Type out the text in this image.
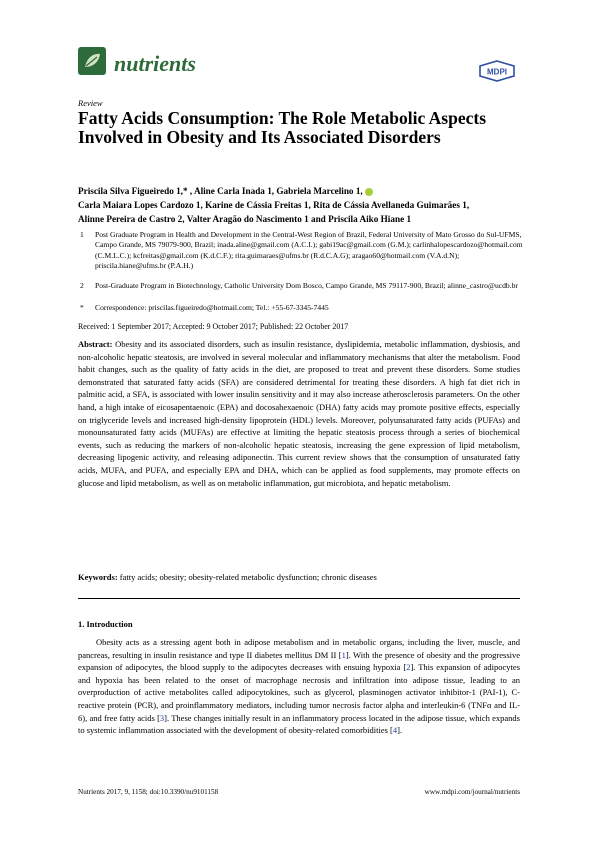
nutrients	MDPI
Review
Fatty Acids Consumption: The Role Metabolic Aspects Involved in Obesity and Its Associated Disorders
Priscila Silva Figueiredo 1,* , Aline Carla Inada 1, Gabriela Marcelino 1,
Carla Maiara Lopes Cardozo 1, Karine de Cássia Freitas 1, Rita de Cássia Avellaneda Guimarães 1,
Alinne Pereira de Castro 2, Valter Aragão do Nascimento 1 and Priscila Aiko Hiane 1
1 Post Graduate Program in Health and Development in the Central-West Region of Brazil, Federal University of Mato Grosso do Sul-UFMS, Campo Grande, MS 79079-900, Brazil; inada.aline@gmail.com (A.C.I.); gabi19ac@gmail.com (G.M.); carlinhalopescardozo@hotmail.com (C.M.L.C.); kcfreitas@gmail.com (K.d.C.F.); rita.guimaraes@ufms.br (R.d.C.A.G); aragao60@hotmail.com (V.A.d.N); priscila.hiane@ufms.br (P.A.H.)
2 Post-Graduate Program in Biotechnology, Catholic University Dom Bosco, Campo Grande, MS 79117-900, Brazil; alinne_castro@ucdb.br
* Correspondence: priscilas.figueiredo@hotmail.com; Tel.: +55-67-3345-7445
Received: 1 September 2017; Accepted: 9 October 2017; Published: 22 October 2017
Abstract: Obesity and its associated disorders, such as insulin resistance, dyslipidemia, metabolic inflammation, dysbiosis, and non-alcoholic hepatic steatosis, are involved in several molecular and inflammatory mechanisms that alter the metabolism. Food habit changes, such as the quality of fatty acids in the diet, are proposed to treat and prevent these disorders. Some studies demonstrated that saturated fatty acids (SFA) are considered detrimental for treating these disorders. A high fat diet rich in palmitic acid, a SFA, is associated with lower insulin sensitivity and it may also increase atherosclerosis parameters. On the other hand, a high intake of eicosapentaenoic (EPA) and docosahexaenoic (DHA) fatty acids may promote positive effects, especially on triglyceride levels and increased high-density lipoprotein (HDL) levels. Moreover, polyunsaturated fatty acids (PUFAs) and monounsaturated fatty acids (MUFAs) are effective at limiting the hepatic steatosis process through a series of biochemical events, such as reducing the markers of non-alcoholic hepatic steatosis, increasing the gene expression of lipid metabolism, decreasing lipogenic activity, and releasing adiponectin. This current review shows that the consumption of unsaturated fatty acids, MUFA, and PUFA, and especially EPA and DHA, which can be applied as food supplements, may promote effects on glucose and lipid metabolism, as well as on metabolic inflammation, gut microbiota, and hepatic metabolism.
Keywords: fatty acids; obesity; obesity-related metabolic dysfunction; chronic diseases
1. Introduction
Obesity acts as a stressing agent both in adipose metabolism and in metabolic organs, including the liver, muscle, and pancreas, resulting in insulin resistance and type II diabetes mellitus DM II [1]. With the presence of obesity and the progressive expansion of adipocytes, the blood supply to the adipocytes decreases with ensuing hypoxia [2]. This expansion of adipocytes and hypoxia has been related to the onset of macrophage necrosis and infiltration into adipose tissue, leading to an overproduction of active metabolites called adipocytokines, such as glycerol, plasminogen activator inhibitor-1 (PAI-1), C-reactive protein (PCR), and proinflammatory mediators, including tumor necrosis factor alpha and interleukin-6 (TNFα and IL-6), and free fatty acids [3]. These changes initially result in an inflammatory process located in the adipose tissue, which expands to systemic inflammation associated with the development of obesity-related comorbidities [4].
Nutrients 2017, 9, 1158; doi:10.3390/nu9101158	www.mdpi.com/journal/nutrients
